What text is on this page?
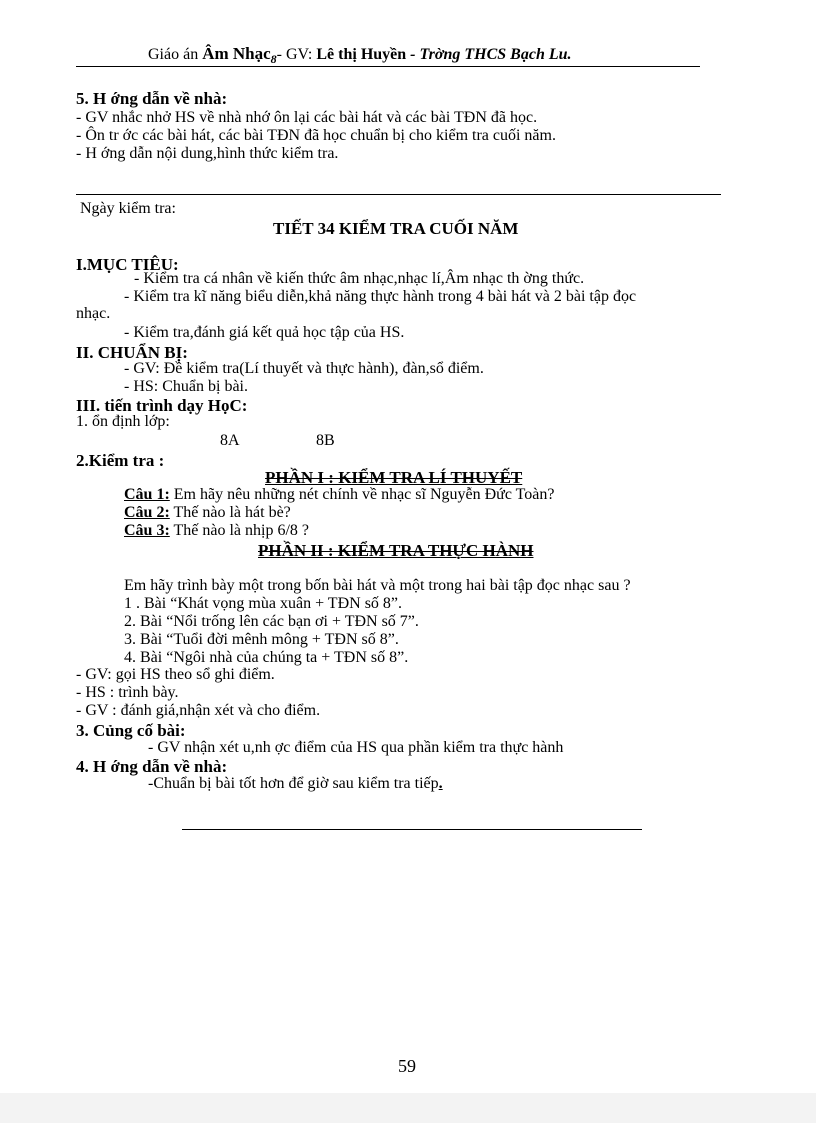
Giáo án Âm Nhạc$_8$- GV: Lê thị Huyền - Trờng THCS Bạch Lu.
5. H ớng dẫn về nhà:
- GV nhắc nhở HS về nhà nhớ ôn lại các bài hát và các bài TĐN đã học.
- Ôn tr ớc các bài hát, các bài TĐN đã học chuẩn bị cho kiểm tra cuối năm.
- H ớng dẫn nội dung,hình thức kiểm tra.
Ngày kiểm tra:
TIẾT 34 KIỂM TRA CUỐI NĂM
I.MỤC TIÊU:
- Kiểm tra cá nhân về kiến thức âm nhạc,nhạc lí,Âm nhạc th ờng thức.
- Kiểm tra kĩ năng biểu diễn,khả năng thực hành trong 4 bài hát và 2 bài tập đọc
nhạc.
- Kiểm tra,đánh giá kết quả học tập của HS.
II. CHUẨN BỊ:
- GV: Đề kiểm tra(Lí thuyết và thực hành), đàn,sổ điểm.
- HS: Chuẩn bị bài.
III. tiến trình dạy HọC:
1. ổn định lớp:
8A	8B
2.Kiểm tra :
PHẦN I : KIỂM TRA LÍ THUYẾT
Câu 1: Em hãy nêu những nét chính về nhạc sĩ Nguyễn Đức Toàn?
Câu 2: Thế nào là hát bè?
Câu 3: Thế nào là nhịp 6/8 ?
PHẦN II : KIỂM TRA THỰC HÀNH
Em hãy trình bày một trong bốn bài hát và một trong hai bài tập đọc nhạc sau ?
1 . Bài “Khát vọng mùa xuân + TĐN số 8”.
2. Bài “Nổi trống lên các bạn ơi + TĐN số 7”.
3. Bài “Tuổi đời mênh mông + TĐN số 8”.
4. Bài “Ngôi nhà của chúng ta + TĐN số 8”.
- GV: gọi HS theo sổ ghi điểm.
- HS : trình bày.
- GV : đánh giá,nhận xét và cho điểm.
3. Củng cố bài:
- GV nhận xét u,nh ợc điểm của HS qua phần kiểm tra thực hành
4. H ớng dẫn về nhà:
-Chuẩn bị bài tốt hơn để giờ sau kiểm tra tiếp.
59
